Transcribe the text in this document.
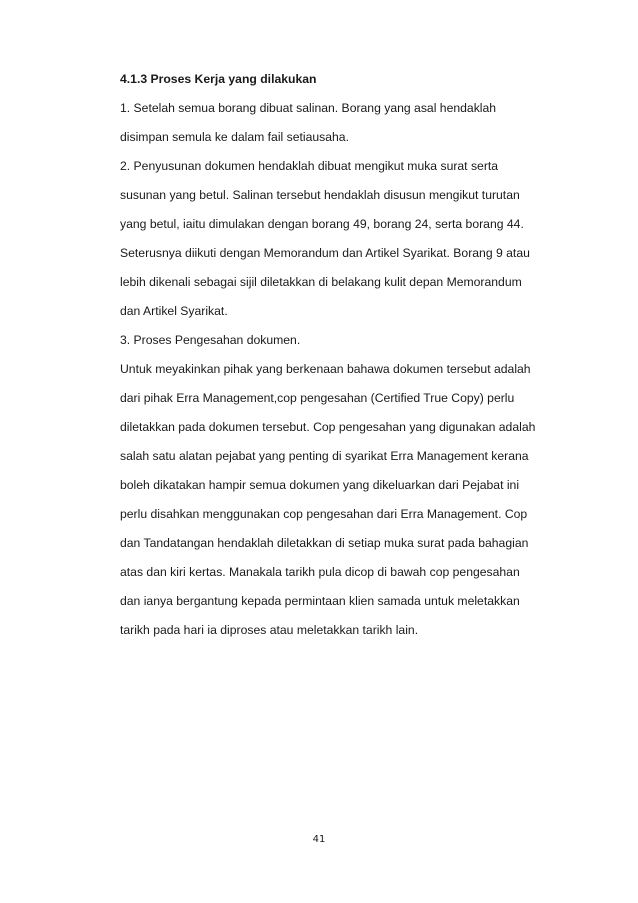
4.1.3 Proses Kerja yang dilakukan
1. Setelah semua borang dibuat salinan. Borang yang asal hendaklah
disimpan semula ke dalam fail setiausaha.
2. Penyusunan dokumen hendaklah dibuat mengikut muka surat serta
susunan yang betul. Salinan tersebut hendaklah disusun mengikut turutan
yang betul, iaitu dimulakan dengan borang 49, borang 24, serta borang 44.
Seterusnya diikuti dengan Memorandum dan Artikel Syarikat. Borang 9 atau
lebih dikenali sebagai sijil diletakkan di belakang kulit depan Memorandum
dan Artikel Syarikat.
3. Proses Pengesahan dokumen.
Untuk meyakinkan pihak yang berkenaan bahawa dokumen tersebut adalah
dari pihak Erra Management,cop pengesahan (Certified True Copy) perlu
diletakkan pada dokumen tersebut. Cop pengesahan yang digunakan adalah
salah satu alatan pejabat yang penting di syarikat Erra Management kerana
boleh dikatakan hampir semua dokumen yang dikeluarkan dari Pejabat ini
perlu disahkan menggunakan cop pengesahan dari Erra Management. Cop
dan Tandatangan hendaklah diletakkan di setiap muka surat pada bahagian
atas dan kiri kertas. Manakala tarikh pula dicop di bawah cop pengesahan
dan ianya bergantung kepada permintaan klien samada untuk meletakkan
tarikh pada hari ia diproses atau meletakkan tarikh lain.
41
